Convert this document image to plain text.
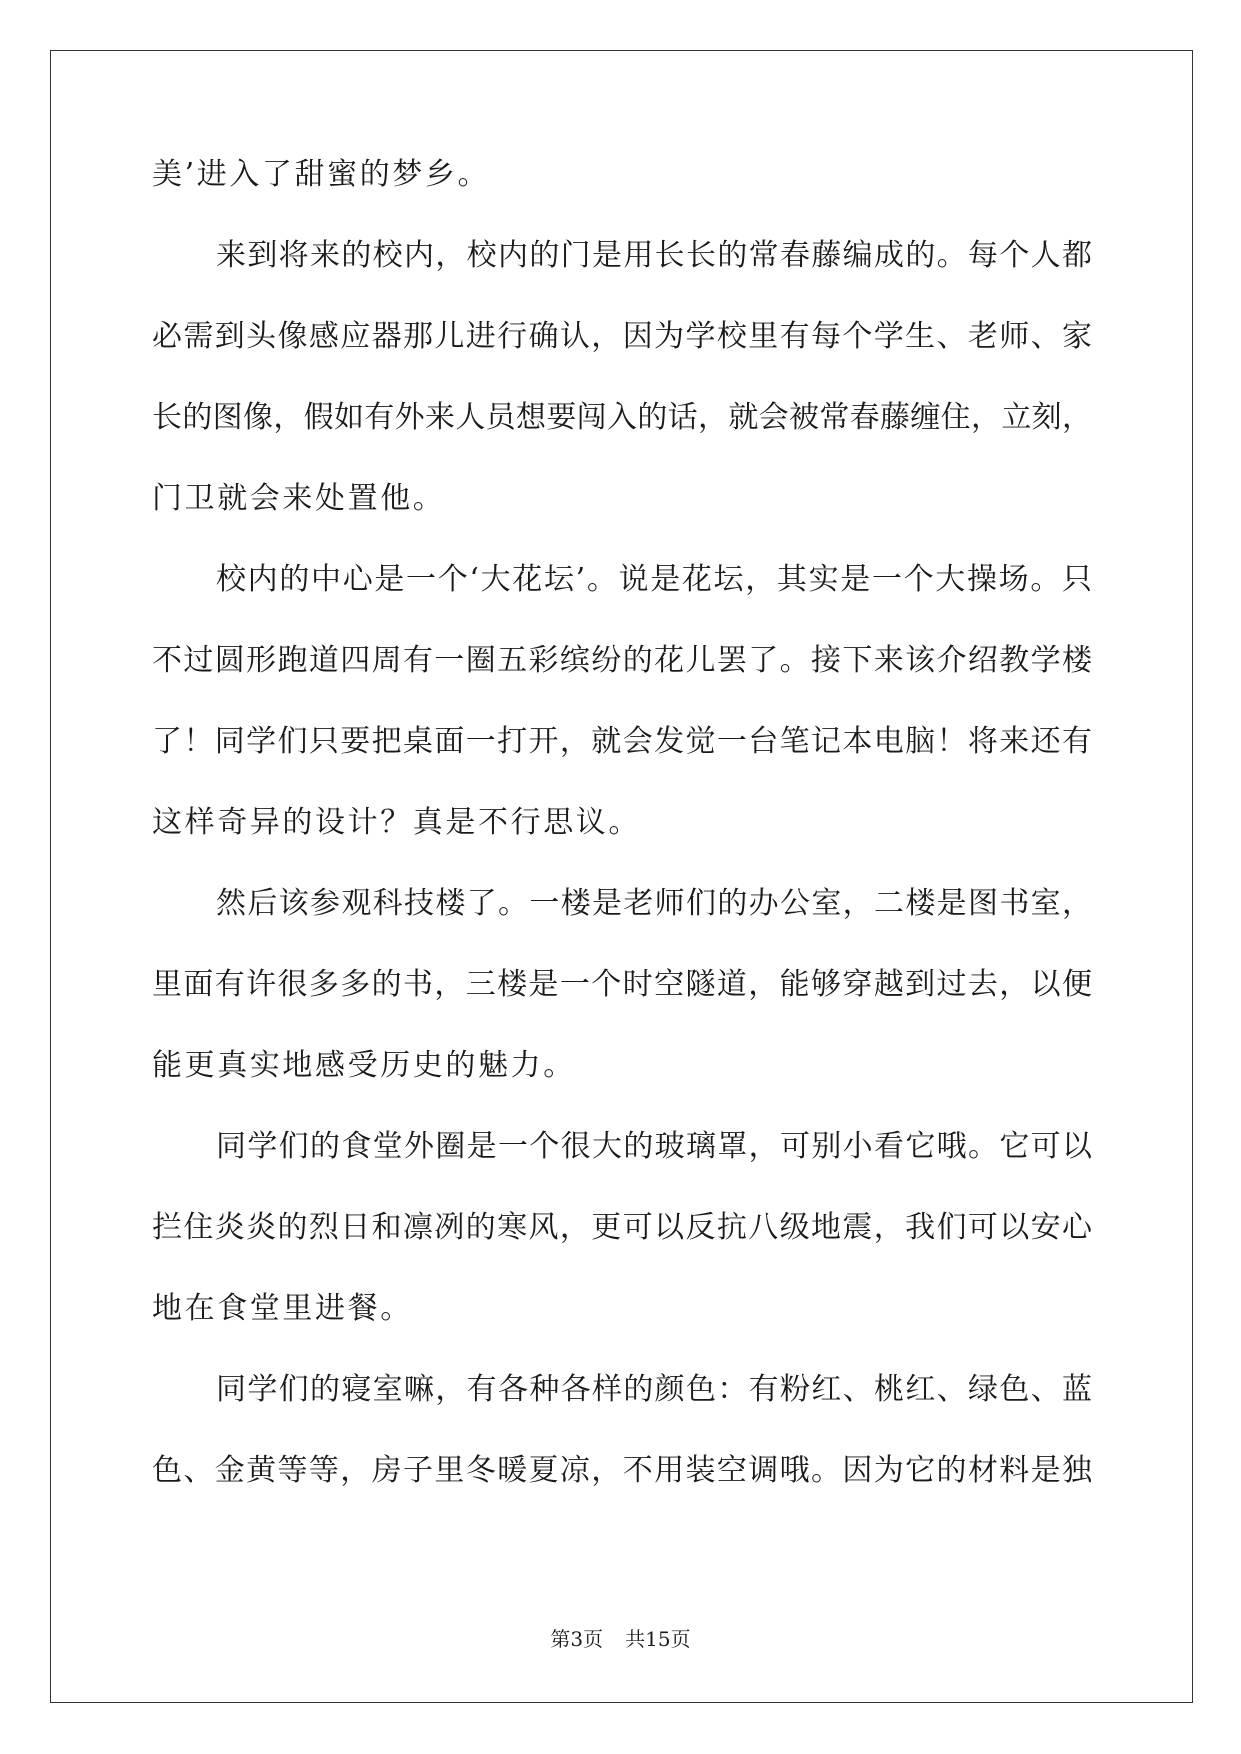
美’进入了甜蜜的梦乡。
来到将来的校内，校内的门是用长长的常春藤编成的。每个人都
必需到头像感应器那儿进行确认，因为学校里有每个学生、老师、家
长的图像，假如有外来人员想要闯入的话，就会被常春藤缠住，立刻，
门卫就会来处置他。
校内的中心是一个‘大花坛’。说是花坛，其实是一个大操场。只
不过圆形跑道四周有一圈五彩缤纷的花儿罢了。接下来该介绍教学楼
了！同学们只要把桌面一打开，就会发觉一台笔记本电脑！将来还有
这样奇异的设计？真是不行思议。
然后该参观科技楼了。一楼是老师们的办公室，二楼是图书室，
里面有许很多多的书，三楼是一个时空隧道，能够穿越到过去，以便
能更真实地感受历史的魅力。
同学们的食堂外圈是一个很大的玻璃罩，可别小看它哦。它可以
拦住炎炎的烈日和凛冽的寒风，更可以反抗八级地震，我们可以安心
地在食堂里进餐。
同学们的寝室嘛，有各种各样的颜色：有粉红、桃红、绿色、蓝
色、金黄等等，房子里冬暖夏凉，不用装空调哦。因为它的材料是独
第3页 共15页
